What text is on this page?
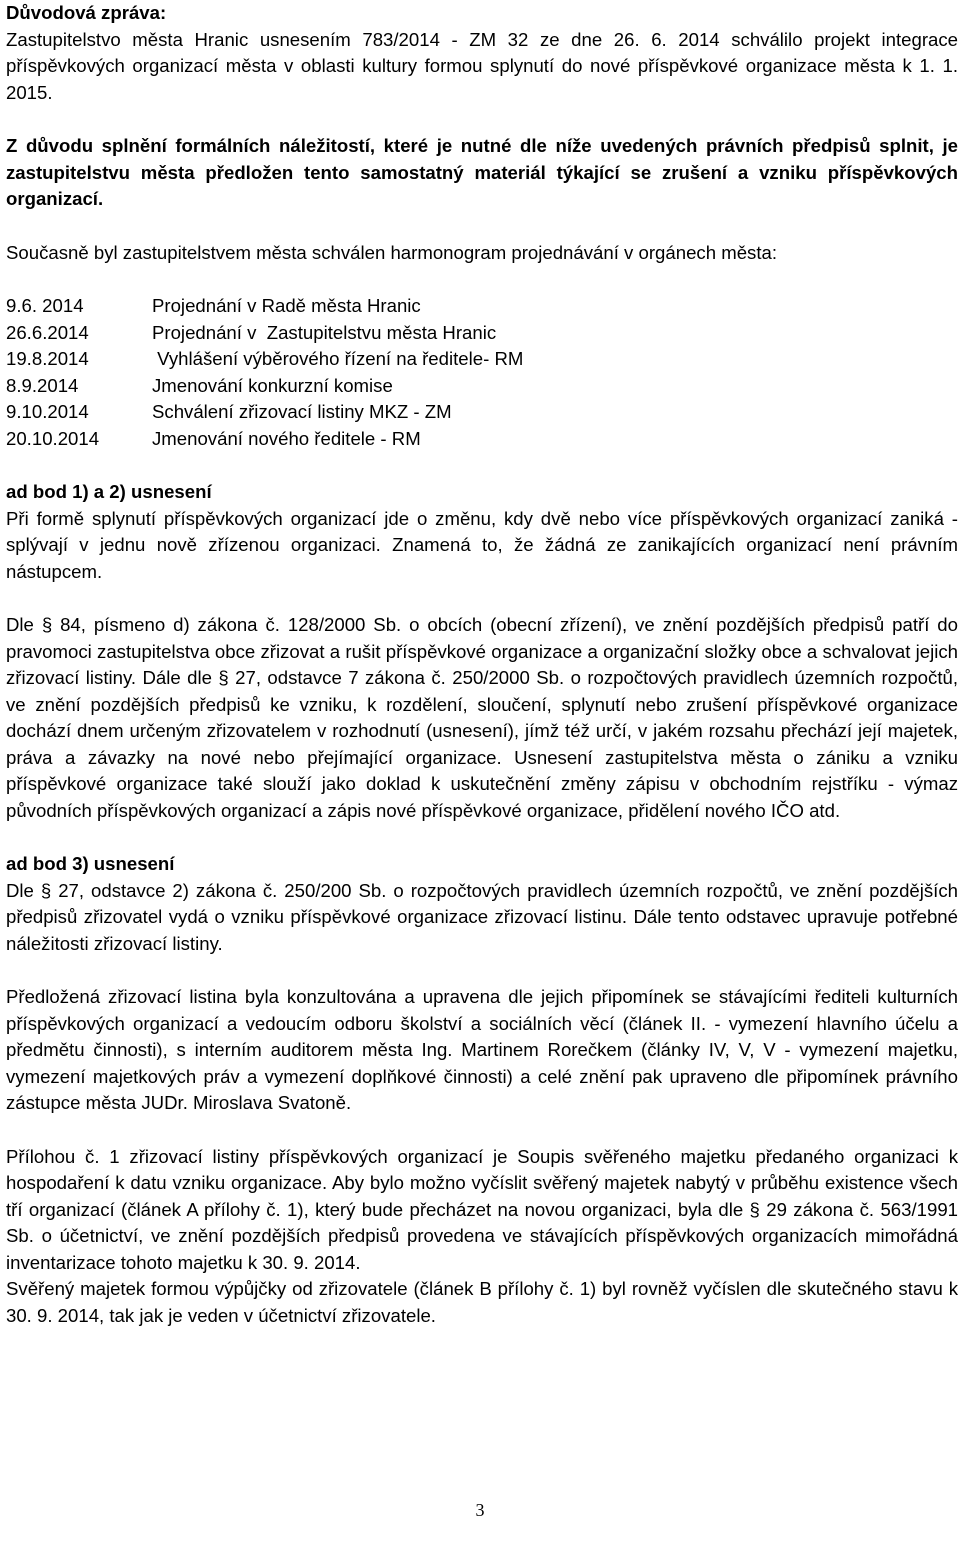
Důvodová zpráva:

Zastupitelstvo města Hranic usnesením 783/2014 - ZM 32 ze dne 26. 6. 2014 schválilo projekt integrace příspěvkových organizací města v oblasti kultury formou splynutí do nové příspěvkové organizace města k 1. 1. 2015.

Z důvodu splnění formálních náležitostí, které je nutné dle níže uvedených právních předpisů splnit, je zastupitelstvu města předložen tento samostatný materiál týkající se zrušení a vzniku příspěvkových organizací.

Současně byl zastupitelstvem města schválen harmonogram projednávání v orgánech města:

9.6. 2014	Projednání v Radě města Hranic
26.6.2014	Projednání v  Zastupitelstvu města Hranic
19.8.2014	Vyhlášení výběrového řízení na ředitele- RM
8.9.2014	Jmenování konkurzní komise
9.10.2014	Schválení zřizovací listiny MKZ - ZM
20.10.2014	Jmenování nového ředitele - RM

ad bod 1) a 2) usnesení

Při formě splynutí příspěvkových organizací jde o změnu, kdy dvě nebo více příspěvkových organizací zaniká - splývají v jednu nově zřízenou organizaci. Znamená to, že žádná ze zanikajících organizací není právním nástupcem.

Dle § 84, písmeno d) zákona č. 128/2000 Sb. o obcích (obecní zřízení), ve znění pozdějších předpisů patří do pravomoci zastupitelstva obce zřizovat a rušit příspěvkové organizace a organizační složky obce a schvalovat jejich zřizovací listiny. Dále dle § 27, odstavce 7 zákona č. 250/2000 Sb. o rozpočtových pravidlech územních rozpočtů, ve znění pozdějších předpisů ke vzniku, k rozdělení, sloučení, splynutí nebo zrušení příspěvkové organizace dochází dnem určeným zřizovatelem v rozhodnutí (usnesení), jímž též určí, v jakém rozsahu přechází její majetek, práva a závazky na nové nebo přejímající organizace. Usnesení zastupitelstva města o zániku a vzniku příspěvkové organizace také slouží jako doklad k uskutečnění změny zápisu v obchodním rejstříku - výmaz původních příspěvkových organizací a zápis nové příspěvkové organizace, přidělení nového IČO atd.

ad bod 3) usnesení

Dle § 27, odstavce 2) zákona č. 250/200 Sb. o rozpočtových pravidlech územních rozpočtů, ve znění pozdějších předpisů zřizovatel vydá o vzniku příspěvkové organizace zřizovací listinu. Dále tento odstavec upravuje potřebné náležitosti zřizovací listiny.

Předložená zřizovací listina byla konzultována a upravena dle jejich připomínek se stávajícími řediteli kulturních příspěvkových organizací a vedoucím odboru školství a sociálních věcí (článek II. - vymezení hlavního účelu a předmětu činnosti), s interním auditorem města Ing. Martinem Rorečkem (články IV, V, V - vymezení majetku, vymezení majetkových práv a vymezení doplňkové činnosti) a celé znění pak upraveno dle připomínek právního zástupce města JUDr. Miroslava Svatoně.

Přílohou č. 1 zřizovací listiny příspěvkových organizací je Soupis svěřeného majetku předaného organizaci k hospodaření k datu vzniku organizace. Aby bylo možno vyčíslit svěřený majetek nabytý v průběhu existence všech tří organizací (článek A přílohy č. 1), který bude přecházet na novou organizaci, byla dle § 29 zákona č. 563/1991 Sb. o účetnictví, ve znění pozdějších předpisů provedena ve stávajících příspěvkových organizacích mimořádná inventarizace tohoto majetku k 30. 9. 2014.

Svěřený majetek formou výpůjčky od zřizovatele (článek B přílohy č. 1) byl rovněž vyčíslen dle skutečného stavu k 30. 9. 2014, tak jak je veden v účetnictví zřizovatele.

3
